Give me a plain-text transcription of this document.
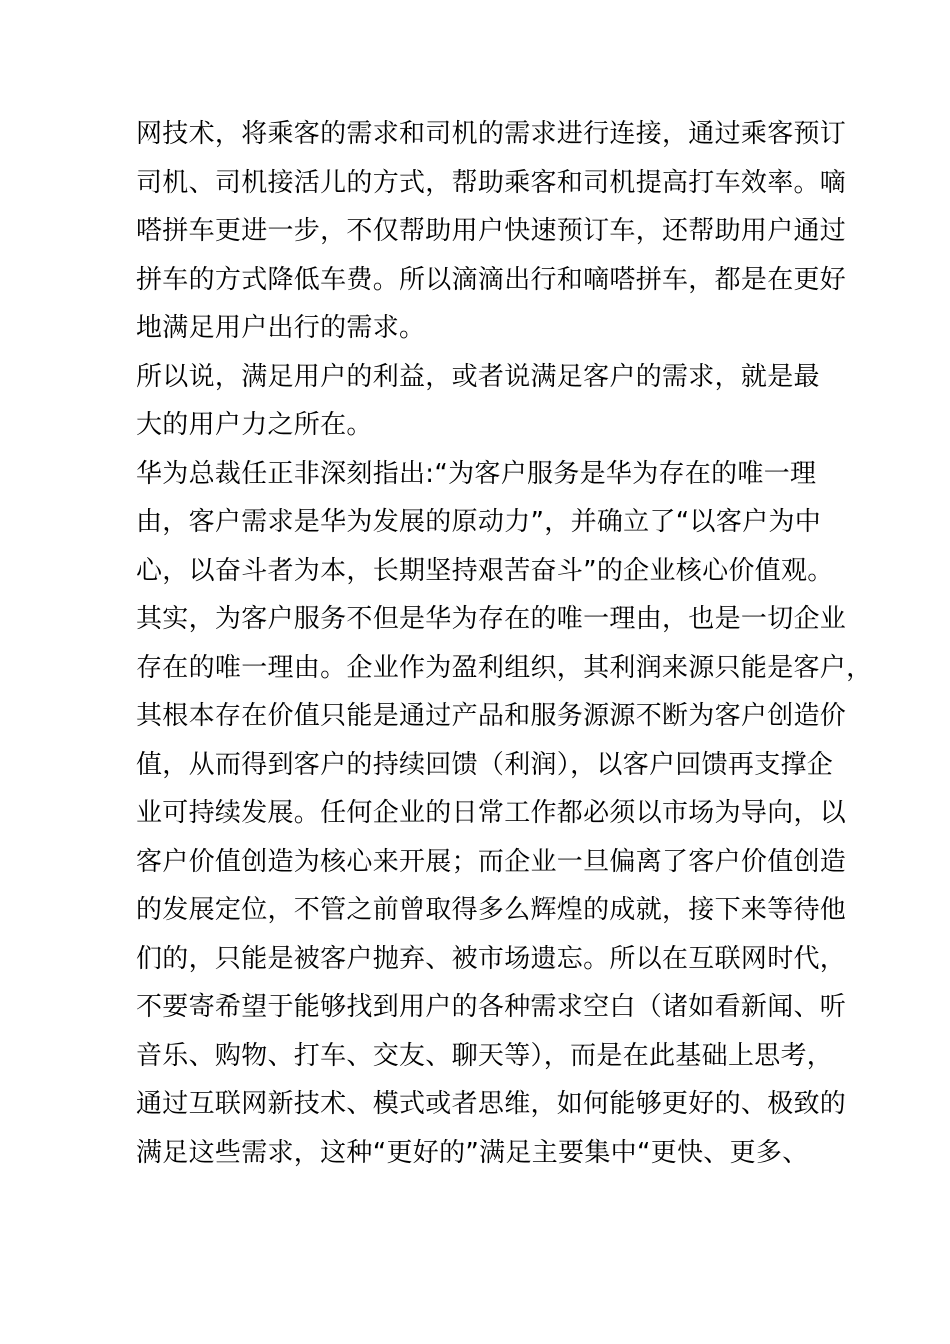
网技术，将乘客的需求和司机的需求进行连接，通过乘客预订
司机、司机接活儿的方式，帮助乘客和司机提高打车效率。嘀
嗒拼车更进一步，不仅帮助用户快速预订车，还帮助用户通过
拼车的方式降低车费。所以滴滴出行和嘀嗒拼车，都是在更好
地满足用户出行的需求。
所以说，满足用户的利益，或者说满足客户的需求，就是最
大的用户力之所在。
华为总裁任正非深刻指出:“为客户服务是华为存在的唯一理
由，客户需求是华为发展的原动力”，并确立了“以客户为中
心，以奋斗者为本，长期坚持艰苦奋斗”的企业核心价值观。
其实，为客户服务不但是华为存在的唯一理由，也是一切企业
存在的唯一理由。企业作为盈利组织，其利润来源只能是客户，
其根本存在价值只能是通过产品和服务源源不断为客户创造价
值，从而得到客户的持续回馈（利润），以客户回馈再支撑企
业可持续发展。任何企业的日常工作都必须以市场为导向，以
客户价值创造为核心来开展；而企业一旦偏离了客户价值创造
的发展定位，不管之前曾取得多么辉煌的成就，接下来等待他
们的，只能是被客户抛弃、被市场遗忘。所以在互联网时代，
不要寄希望于能够找到用户的各种需求空白（诸如看新闻、听
音乐、购物、打车、交友、聊天等），而是在此基础上思考，
通过互联网新技术、模式或者思维，如何能够更好的、极致的
满足这些需求，这种“更好的”满足主要集中“更快、更多、
